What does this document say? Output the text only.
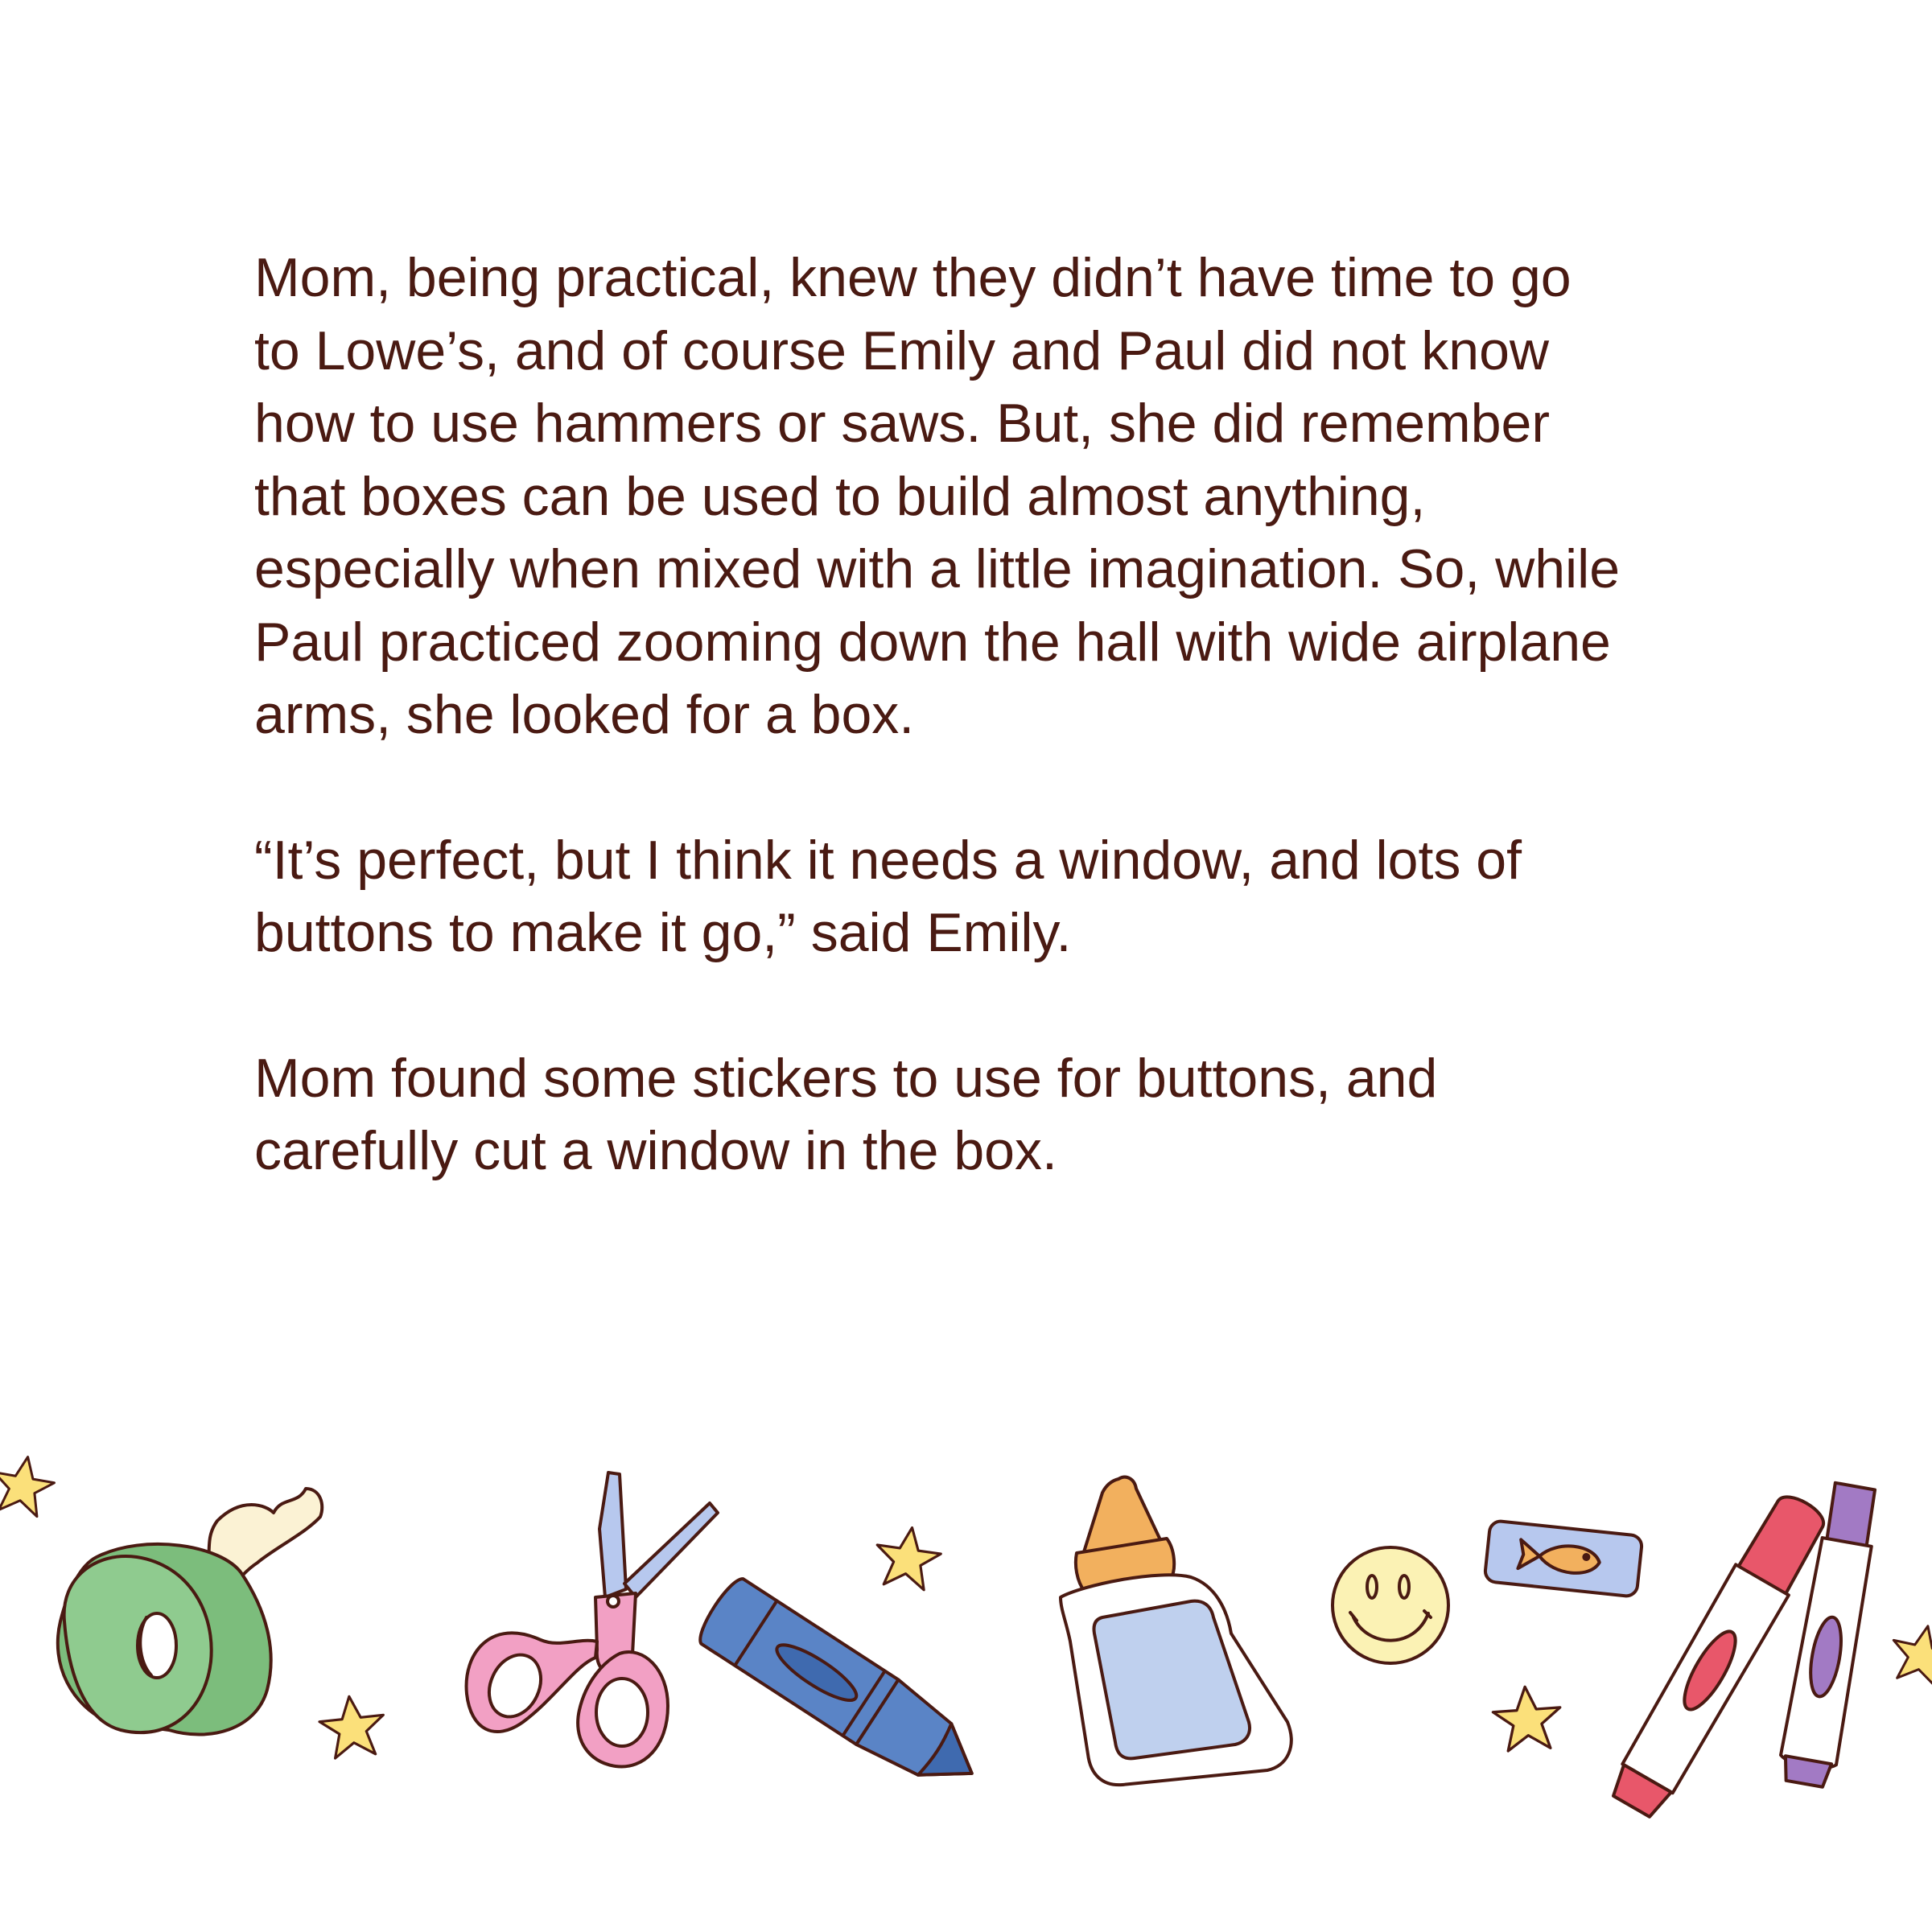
Mom, being practical, knew they didn’t have time to go
to Lowe’s, and of course Emily and Paul did not know
how to use hammers or saws. But, she did remember
that boxes can be used to build almost anything,
especially when mixed with a little imagination. So, while
Paul practiced zooming down the hall with wide airplane
arms, she looked for a box.

“It’s perfect, but I think it needs a window, and lots of
buttons to make it go,” said Emily.

Mom found some stickers to use for buttons, and
carefully cut a window in the box.
